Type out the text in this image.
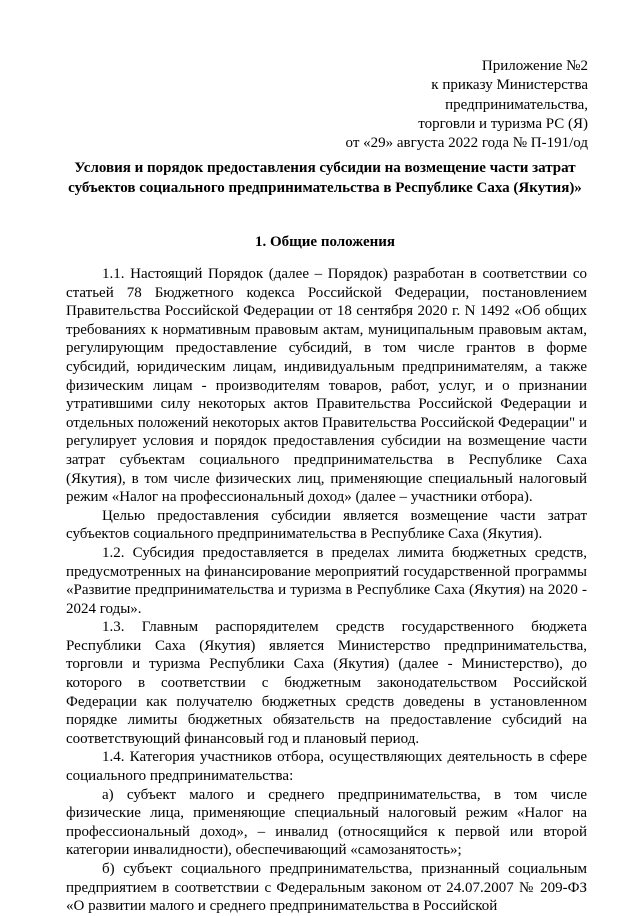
Приложение №2
к приказу Министерства
предпринимательства,
торговли и туризма РС (Я)
от «29» августа 2022 года № П-191/од
Условия и порядок предоставления субсидии на возмещение части затрат субъектов социального предпринимательства в Республике Саха (Якутия)»
1. Общие положения

1.1. Настоящий Порядок (далее – Порядок) разработан в соответствии со статьей 78 Бюджетного кодекса Российской Федерации, постановлением Правительства Российской Федерации от 18 сентября 2020 г. N 1492 «Об общих требованиях к нормативным правовым актам, муниципальным правовым актам, регулирующим предоставление субсидий, в том числе грантов в форме субсидий, юридическим лицам, индивидуальным предпринимателям, а также физическим лицам - производителям товаров, работ, услуг, и о признании утратившими силу некоторых актов Правительства Российской Федерации и отдельных положений некоторых актов Правительства Российской Федерации" и регулирует условия и порядок предоставления субсидии на возмещение части затрат субъектам социального предпринимательства в Республике Саха (Якутия), в том числе физических лиц, применяющие специальный налоговый режим «Налог на профессиональный доход» (далее – участники отбора).

Целью предоставления субсидии является возмещение части затрат субъектов социального предпринимательства в Республике Саха (Якутия).

1.2. Субсидия предоставляется в пределах лимита бюджетных средств, предусмотренных на финансирование мероприятий государственной программы «Развитие предпринимательства и туризма в Республике Саха (Якутия) на 2020 - 2024 годы».

1.3. Главным распорядителем средств государственного бюджета Республики Саха (Якутия) является Министерство предпринимательства, торговли и туризма Республики Саха (Якутия) (далее - Министерство), до которого в соответствии с бюджетным законодательством Российской Федерации как получателю бюджетных средств доведены в установленном порядке лимиты бюджетных обязательств на предоставление субсидий на соответствующий финансовый год и плановый период.

1.4. Категория участников отбора, осуществляющих деятельность в сфере социального предпринимательства:

а) субъект малого и среднего предпринимательства, в том числе физические лица, применяющие специальный налоговый режим «Налог на профессиональный доход», – инвалид (относящийся к первой или второй категории инвалидности), обеспечивающий «самозанятость»;

б) субъект социального предпринимательства, признанный социальным предприятием в соответствии с Федеральным законом от 24.07.2007 № 209-ФЗ «О развитии малого и среднего предпринимательства в Российской
